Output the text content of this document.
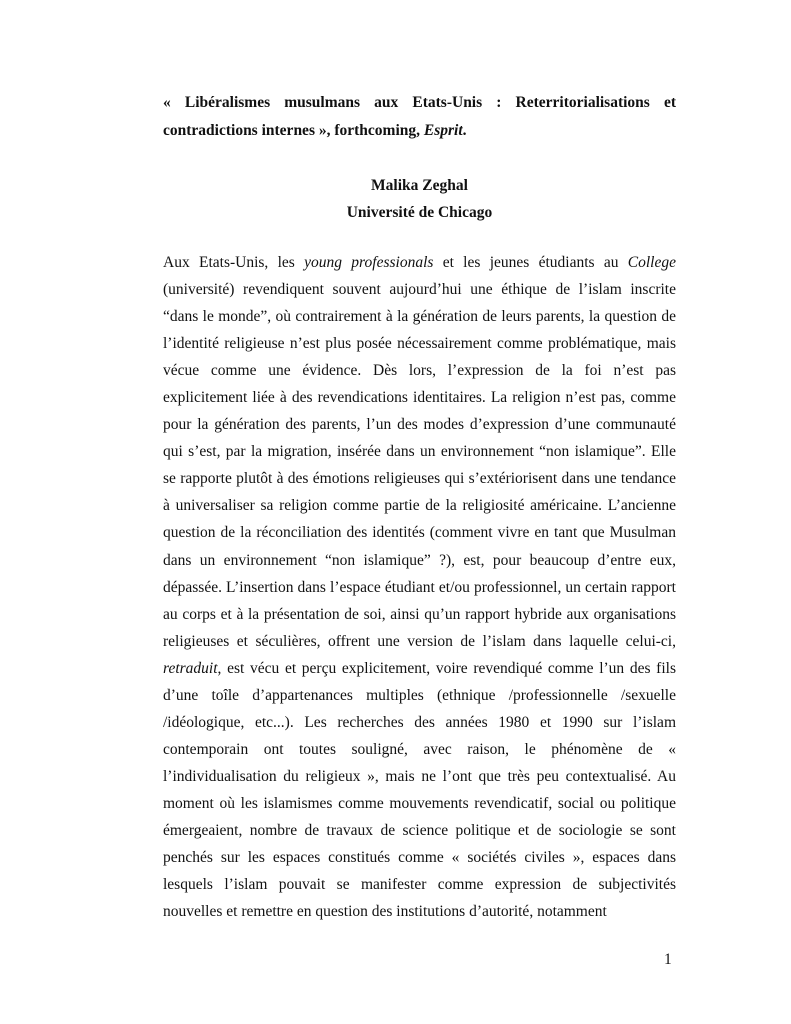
« Libéralismes musulmans aux Etats-Unis : Reterritorialisations et
contradictions internes », forthcoming, Esprit.
Malika Zeghal
Université de Chicago

Aux Etats-Unis, les young professionals et les jeunes étudiants au College (université) revendiquent souvent aujourd’hui une éthique de l’islam inscrite “dans le monde”, où contrairement à la génération de leurs parents, la question de l’identité religieuse n’est plus posée nécessairement comme problématique, mais vécue comme une évidence. Dès lors, l’expression de la foi n’est pas explicitement liée à des revendications identitaires. La religion n’est pas, comme pour la génération des parents, l’un des modes d’expression d’une communauté qui s’est, par la migration, insérée dans un environnement “non islamique”. Elle se rapporte plutôt à des émotions religieuses qui s’extériorisent dans une tendance à universaliser sa religion comme partie de la religiosité américaine. L’ancienne question de la réconciliation des identités (comment vivre en tant que Musulman dans un environnement “non islamique” ?), est, pour beaucoup d’entre eux, dépassée. L’insertion dans l’espace étudiant et/ou professionnel, un certain rapport au corps et à la présentation de soi, ainsi qu’un rapport hybride aux organisations religieuses et séculières, offrent une version de l’islam dans laquelle celui-ci, retraduit, est vécu et perçu explicitement, voire revendiqué comme l’un des fils d’une toîle d’appartenances multiples (ethnique /professionnelle /sexuelle /idéologique, etc...). Les recherches des années 1980 et 1990 sur l’islam contemporain ont toutes souligné, avec raison, le phénomène de « l’individualisation du religieux », mais ne l’ont que très peu contextualisé. Au moment où les islamismes comme mouvements revendicatif, social ou politique émergeaient, nombre de travaux de science politique et de sociologie se sont penchés sur les espaces constitués comme « sociétés civiles », espaces dans lesquels l’islam pouvait se manifester comme expression de subjectivités nouvelles et remettre en question des institutions d’autorité, notamment

1
